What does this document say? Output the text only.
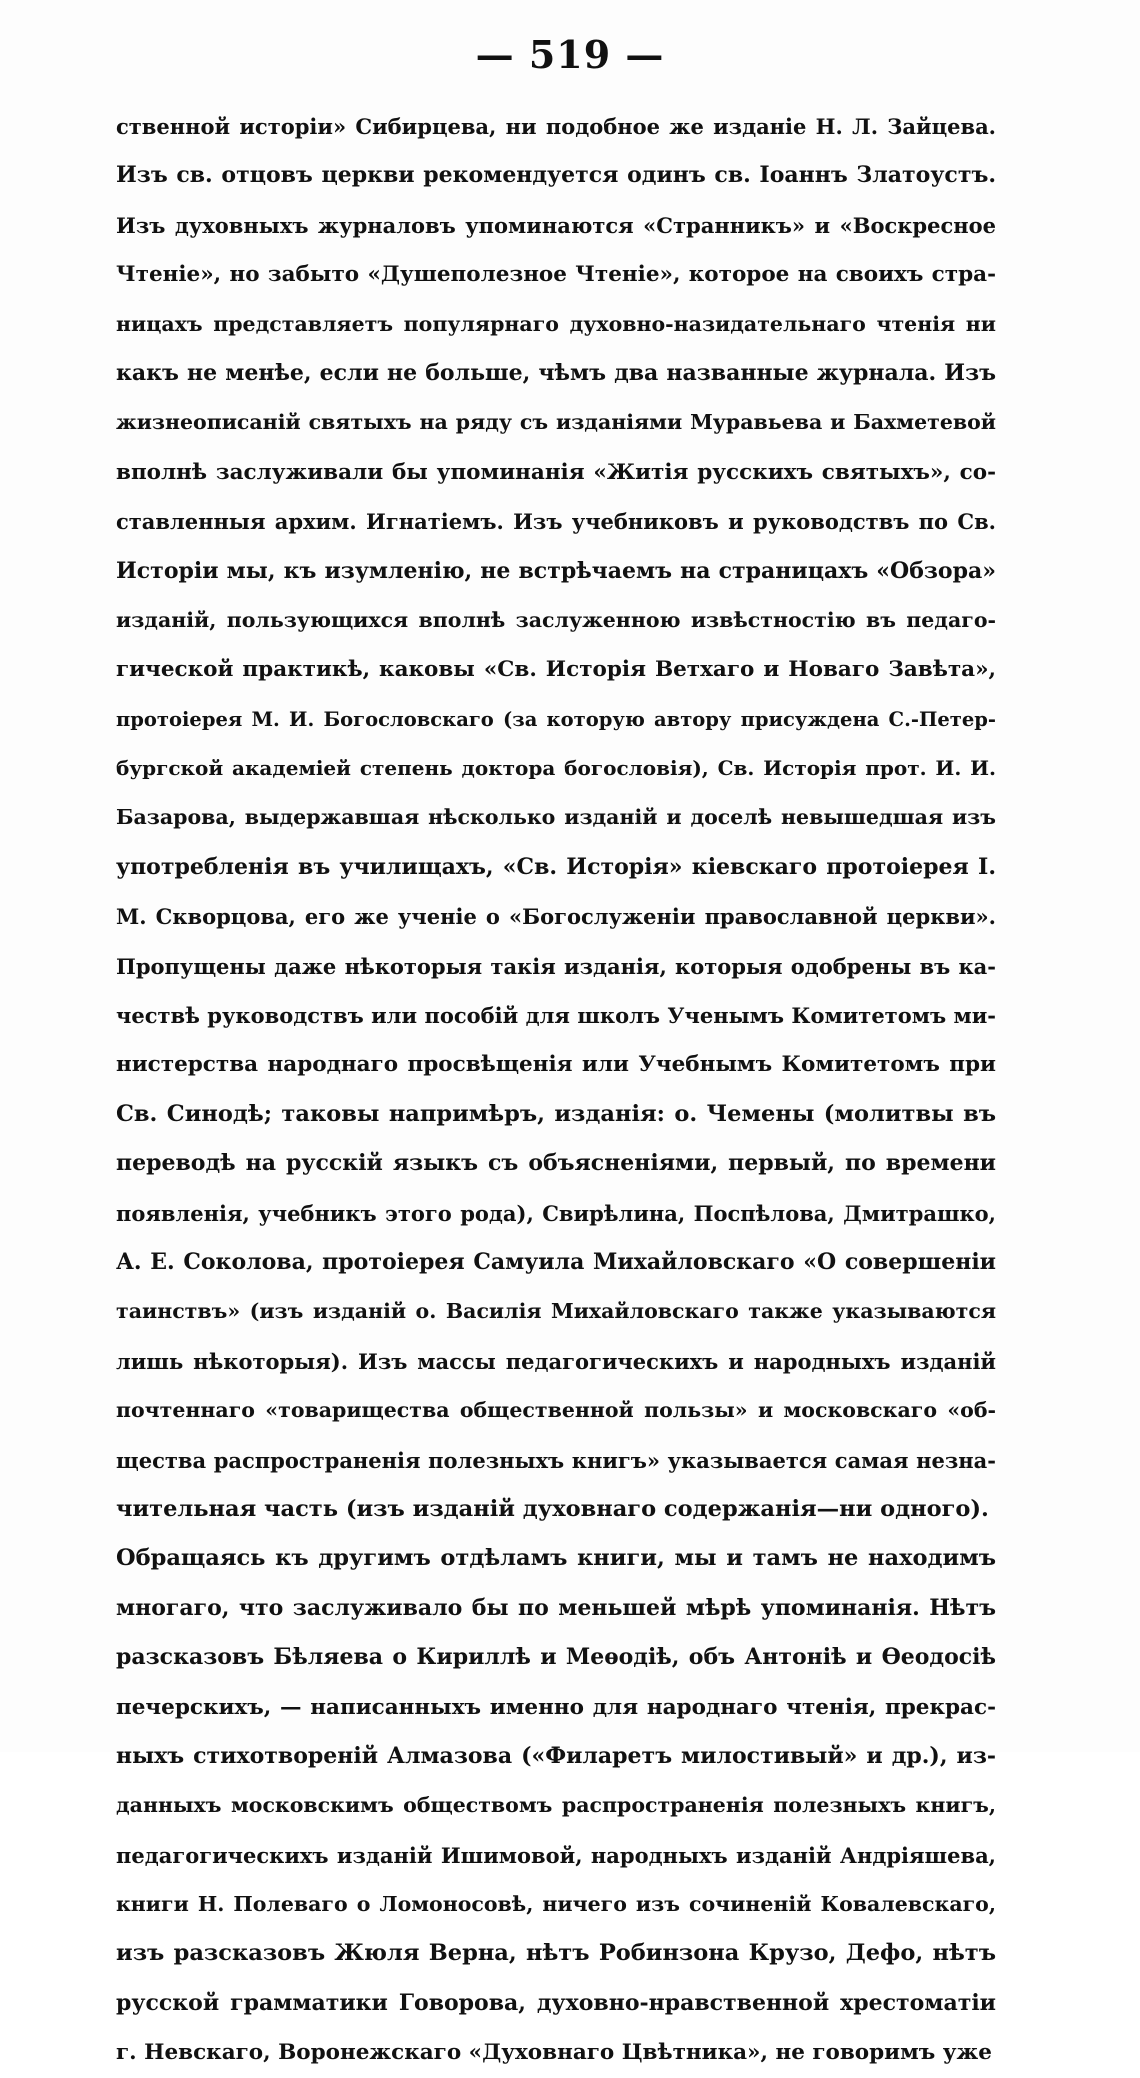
— 519 —
ственной исторіи» Сибирцева, ни подобное же изданіе Н. Л. Зайцева.
Изъ св. отцовъ церкви рекомендуется одинъ св. Іоаннъ Златоустъ.
Изъ духовныхъ журналовъ упоминаются «Странникъ» и «Воскресное
Чтеніе», но забыто «Душеполезное Чтеніе», которое на своихъ стра-
ницахъ представляетъ популярнаго духовно-назидательнаго чтенія ни
какъ не менѣе, если не больше, чѣмъ два названные журнала. Изъ
жизнеописаній святыхъ на ряду съ изданіями Муравьева и Бахметевой
вполнѣ заслуживали бы упоминанія «Житія русскихъ святыхъ», со-
ставленныя архим. Игнатіемъ. Изъ учебниковъ и руководствъ по Св.
Исторіи мы, къ изумленію, не встрѣчаемъ на страницахъ «Обзора»
изданій, пользующихся вполнѣ заслуженною извѣстностію въ педаго-
гической практикѣ, каковы «Св. Исторія Ветхаго и Новаго Завѣта»,
протоіерея М. И. Богословскаго (за которую автору присуждена С.-Петер-
бургской академіей степень доктора богословія), Св. Исторія прот. И. И.
Базарова, выдержавшая нѣсколько изданій и доселѣ невышедшая изъ
употребленія въ училищахъ, «Св. Исторія» кіевскаго протоіерея І.
М. Скворцова, его же ученіе о «Богослуженіи православной церкви».
Пропущены даже нѣкоторыя такія изданія, которыя одобрены въ ка-
чествѣ руководствъ или пособій для школъ Ученымъ Комитетомъ ми-
нистерства народнаго просвѣщенія или Учебнымъ Комитетомъ при
Св. Синодѣ; таковы напримѣръ, изданія: о. Чемены (молитвы въ
переводѣ на русскій языкъ съ объясненіями, первый, по времени
появленія, учебникъ этого рода), Свирѣлина, Поспѣлова, Дмитрашко,
А. Е. Соколова, протоіерея Самуила Михайловскаго «О совершеніи
таинствъ» (изъ изданій о. Василія Михайловскаго также указываются
лишь нѣкоторыя). Изъ массы педагогическихъ и народныхъ изданій
почтеннаго «товарищества общественной пользы» и московскаго «об-
щества распространенія полезныхъ книгъ» указывается самая незна-
чительная часть (изъ изданій духовнаго содержанія—ни одного).
Обращаясь къ другимъ отдѣламъ книги, мы и тамъ не находимъ
многаго, что заслуживало бы по меньшей мѣрѣ упоминанія. Нѣтъ
разсказовъ Бѣляева о Кириллѣ и Меѳодіѣ, объ Антоніѣ и Ѳеодосіѣ
печерскихъ, — написанныхъ именно для народнаго чтенія, прекрас-
ныхъ стихотвореній Алмазова («Филаретъ милостивый» и др.), из-
данныхъ московскимъ обществомъ распространенія полезныхъ книгъ,
педагогическихъ изданій Ишимовой, народныхъ изданій Андріяшева,
книги Н. Полеваго о Ломоносовѣ, ничего изъ сочиненій Ковалевскаго,
изъ разсказовъ Жюля Верна, нѣтъ Робинзона Крузо, Дефо, нѣтъ
русской грамматики Говорова, духовно-нравственной хрестоматіи
г. Невскаго, Воронежскаго «Духовнаго Цвѣтника», не говоримъ уже
